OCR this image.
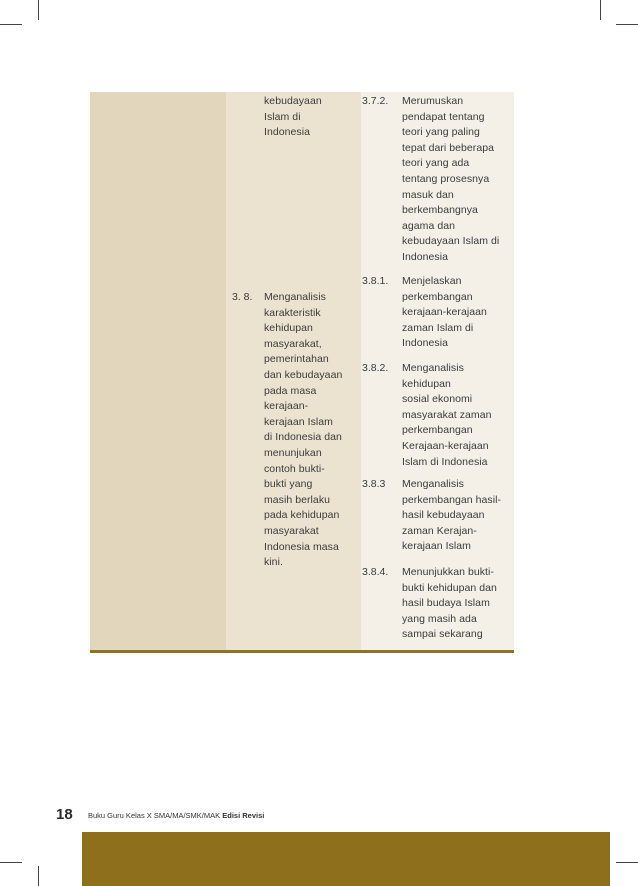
kebudayaan
Islam di
Indonesia
3. 8. Menganalisis
karakteristik
kehidupan
masyarakat,
pemerintahan
dan kebudayaan
pada masa
kerajaan-
kerajaan Islam
di Indonesia dan
menunjukan
contoh bukti-
bukti yang
masih berlaku
pada kehidupan
masyarakat
Indonesia masa
kini.
3.7.2. Merumuskan
pendapat tentang
teori yang paling
tepat dari beberapa
teori yang ada
tentang prosesnya
masuk dan
berkembangnya
agama dan
kebudayaan Islam di
Indonesia
3.8.1. Menjelaskan
perkembangan
kerajaan-kerajaan
zaman Islam di
Indonesia
3.8.2. Menganalisis
kehidupan
sosial ekonomi
masyarakat zaman
perkembangan
Kerajaan-kerajaan
Islam di Indonesia
3.8.3 Menganalisis
perkembangan hasil-
hasil kebudayaan
zaman Kerajan-
kerajaan Islam
3.8.4. Menunjukkan bukti-
bukti kehidupan dan
hasil budaya Islam
yang masih ada
sampai sekarang
18 Buku Guru Kelas X SMA/MA/SMK/MAK Edisi Revisi
